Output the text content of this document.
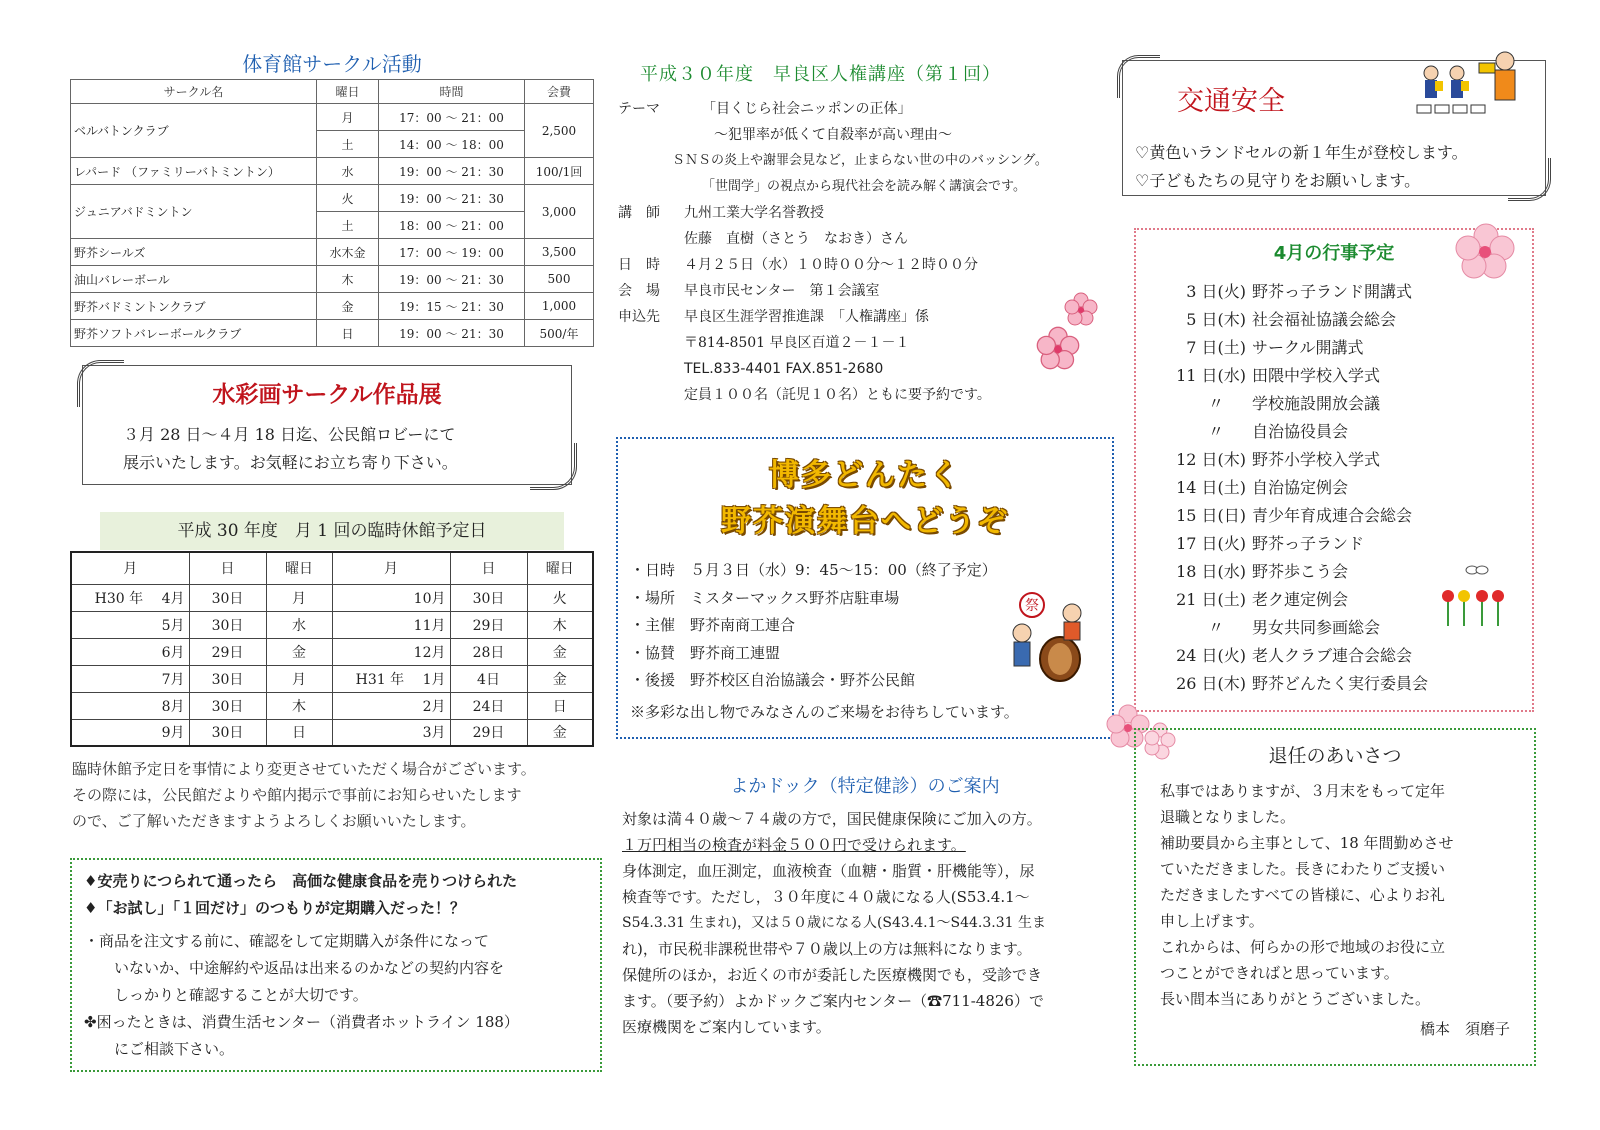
体育館サークル活動
サークル名	曜日	時間	会費
ベルバトンクラブ	月	17：00 ～ 21：00	2,500
	土	14：00 ～ 18：00	
レパード （ファミリーバトミントン）	水	19：00 ～ 21：30	100/1回
ジュニアバドミントン	火	19：00 ～ 21：30	3,000
	土	18：00 ～ 21：00	
野芥シールズ	水木金	17：00 ～ 19：00	3,500
油山バレーボール	木	19：00 ～ 21：30	500
野芥バドミントンクラブ	金	19：15 ～ 21：30	1,000
野芥ソフトバレーボールクラブ	日	19：00 ～ 21：30	500/年
水彩画サークル作品展
３月 28 日～４月 18 日迄、公民館ロビーにて
展示いたします。お気軽にお立ち寄り下さい。
平成 30 年度　月 1 回の臨時休館予定日
月	日	曜日	月	日	曜日
H30 年　 4月	30日	月	10月	30日	火
5月	30日	水	11月	29日	木
6月	29日	金	12月	28日	金
7月	30日	月	H31 年　 1月	4日	金
8月	30日	木	2月	24日	日
9月	30日	日	3月	29日	金
臨時休館予定日を事情により変更させていただく場合がございます。
その際には，公民館だよりや館内掲示で事前にお知らせいたします
ので、ご了解いただきますようよろしくお願いいたします。
♦安売りにつられて通ったら　高価な健康食品を売りつけられた
♦「お試し」「１回だけ」のつもりが定期購入だった！？
・商品を注文する前に、確認をして定期購入が条件になって
いないか、中途解約や返品は出来るのかなどの契約内容を
しっかりと確認することが大切です。
✤困ったときは、消費生活センター（消費者ホットライン 188）
にご相談下さい。
平成３０年度　早良区人権講座（第１回）
テーマ	「目くじら社会ニッポンの正体」
～犯罪率が低くて自殺率が高い理由～
ＳＮＳの炎上や謝罪会見など，止まらない世の中のバッシング。
「世間学」の視点から現代社会を読み解く講演会です。
講　師 九州工業大学名誉教授
佐藤　直樹（さとう　なおき）さん
日　時 ４月２５日（水）１０時００分～１２時００分
会　場 早良市民センター　第１会議室
申込先 早良区生涯学習推進課　「人権講座」係
〒814-8501 早良区百道２－１－１
TEL.833-4401 FAX.851-2680
定員１００名（託児１０名）ともに要予約です。
博多どんたく
野芥演舞台へどうぞ
・日時　５月３日（水）9：45～15：00（終了予定）
・場所　ミスターマックス野芥店駐車場
・主催　野芥南商工連合
・協賛　野芥商工連盟
・後援　野芥校区自治協議会・野芥公民館
※多彩な出し物でみなさんのご来場をお待ちしています。
祭
よかドック（特定健診）のご案内
対象は満４０歳～７４歳の方で，国民健康保険にご加入の方。
１万円相当の検査が料金５００円で受けられます。
身体測定，血圧測定，血液検査（血糖・脂質・肝機能等），尿
検査等です。ただし，３０年度に４０歳になる人(S53.4.1～
S54.3.31 生まれ)，又は５０歳になる人(S43.4.1～S44.3.31 生ま
れ)，市民税非課税世帯や７０歳以上の方は無料になります。
保健所のほか，お近くの市が委託した医療機関でも，受診でき
ます。（要予約）よかドックご案内センター（☎711-4826）で
医療機関をご案内しています。
交通安全
♡黄色いランドセルの新１年生が登校します。
♡子どもたちの見守りをお願いします。
4月の行事予定
3 日(火) 野芥っ子ランド開講式
5 日(木) 社会福祉協議会総会
7 日(土) サークル開講式
11 日(水) 田隈中学校入学式
〃	学校施設開放会議
〃	自治協役員会
12 日(木) 野芥小学校入学式
14 日(土) 自治協定例会
15 日(日) 青少年育成連合会総会
17 日(火) 野芥っ子ランド
18 日(水) 野芥歩こう会
21 日(土) 老ク連定例会
〃	男女共同参画総会
24 日(火) 老人クラブ連合会総会
26 日(木) 野芥どんたく実行委員会
退任のあいさつ
私事ではありますが、３月末をもって定年
退職となりました。
補助要員から主事として、18 年間勤めさせ
ていただきました。長きにわたりご支援い
ただきましたすべての皆様に、心よりお礼
申し上げます。
これからは、何らかの形で地域のお役に立
つことができればと思っています。
長い間本当にありがとうございました。
橋本　須磨子
